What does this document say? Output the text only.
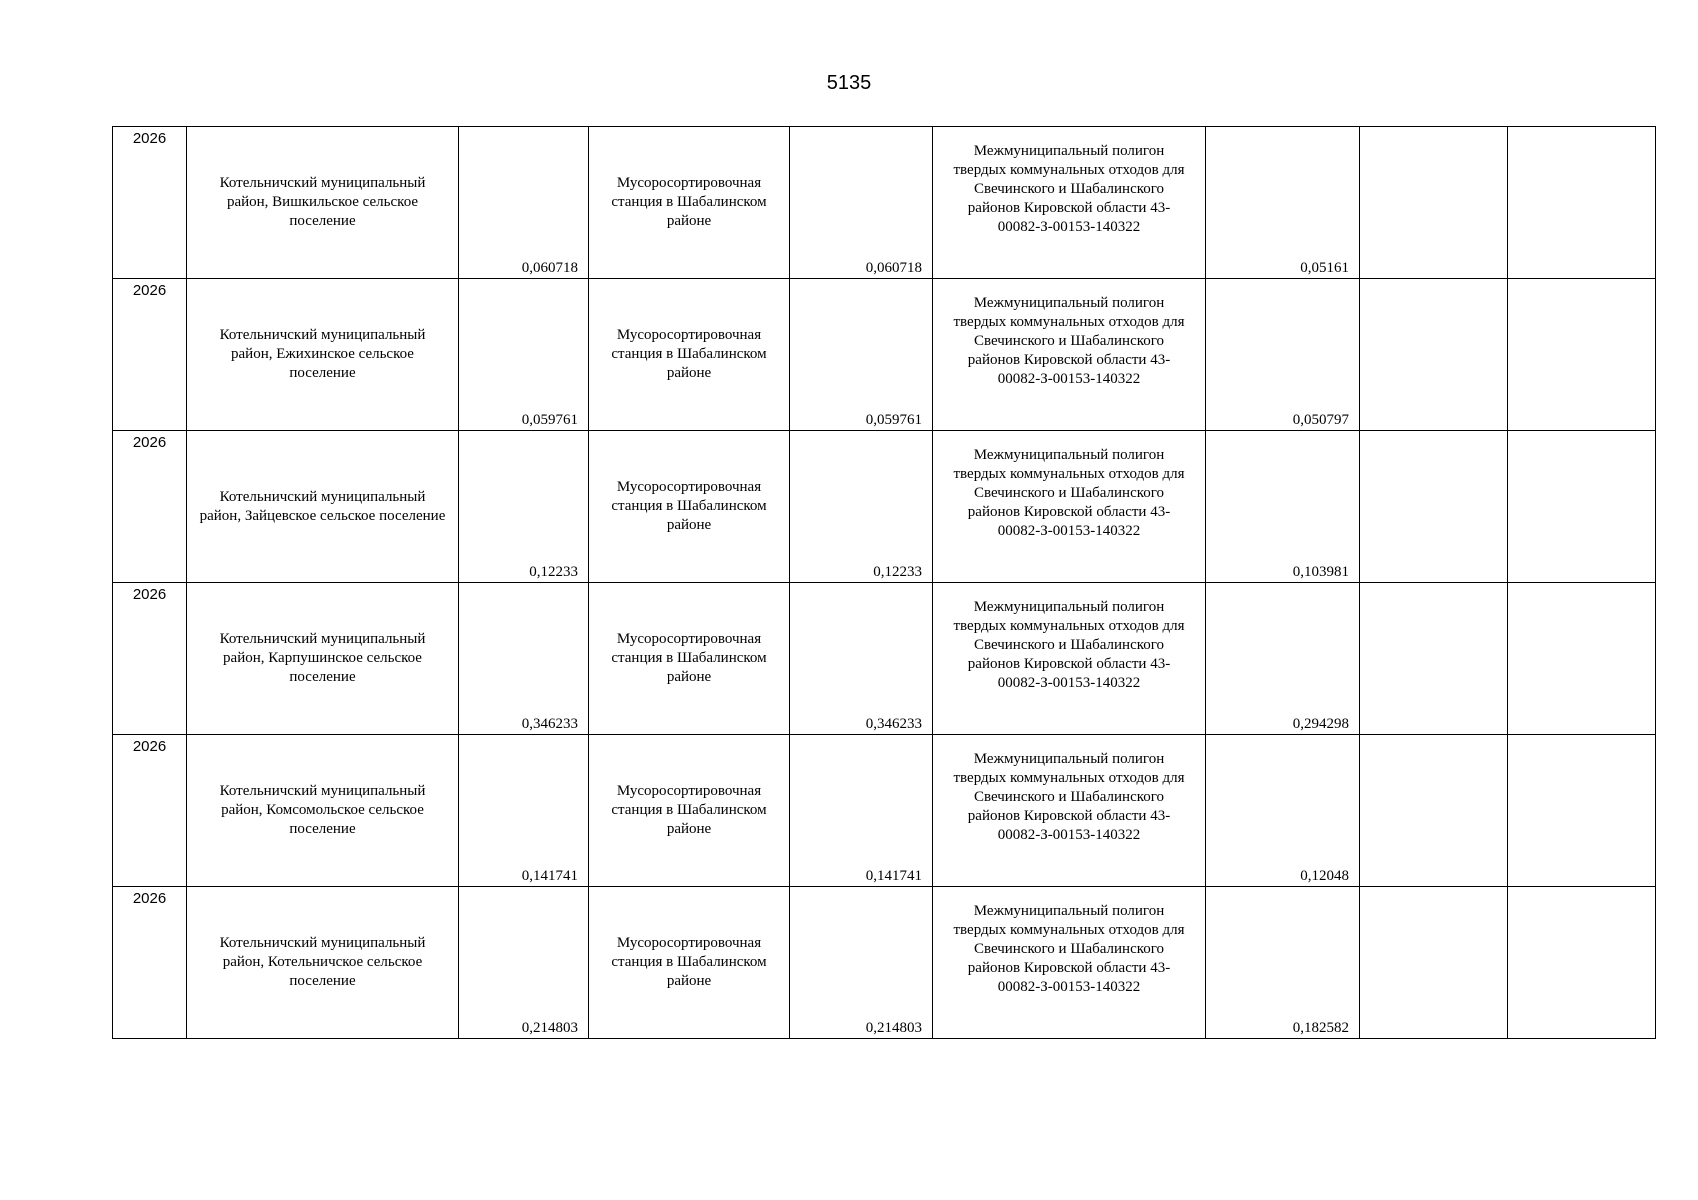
5135
2026	Котельничский муниципальный район, Вишкильское сельское поселение	0,060718	Мусоросортировочная станция в Шабалинском районе	0,060718	Межмуниципальный полигон твердых коммунальных отходов для Свечинского и Шабалинского районов Кировской области 43-00082-З-00153-140322	0,05161		
2026	Котельничский муниципальный район, Ежихинское сельское поселение	0,059761	Мусоросортировочная станция в Шабалинском районе	0,059761	Межмуниципальный полигон твердых коммунальных отходов для Свечинского и Шабалинского районов Кировской области 43-00082-З-00153-140322	0,050797		
2026	Котельничский муниципальный район, Зайцевское сельское поселение	0,12233	Мусоросортировочная станция в Шабалинском районе	0,12233	Межмуниципальный полигон твердых коммунальных отходов для Свечинского и Шабалинского районов Кировской области 43-00082-З-00153-140322	0,103981		
2026	Котельничский муниципальный район, Карпушинское сельское поселение	0,346233	Мусоросортировочная станция в Шабалинском районе	0,346233	Межмуниципальный полигон твердых коммунальных отходов для Свечинского и Шабалинского районов Кировской области 43-00082-З-00153-140322	0,294298		
2026	Котельничский муниципальный район, Комсомольское сельское поселение	0,141741	Мусоросортировочная станция в Шабалинском районе	0,141741	Межмуниципальный полигон твердых коммунальных отходов для Свечинского и Шабалинского районов Кировской области 43-00082-З-00153-140322	0,12048		
2026	Котельничский муниципальный район, Котельничское сельское поселение	0,214803	Мусоросортировочная станция в Шабалинском районе	0,214803	Межмуниципальный полигон твердых коммунальных отходов для Свечинского и Шабалинского районов Кировской области 43-00082-З-00153-140322	0,182582		
